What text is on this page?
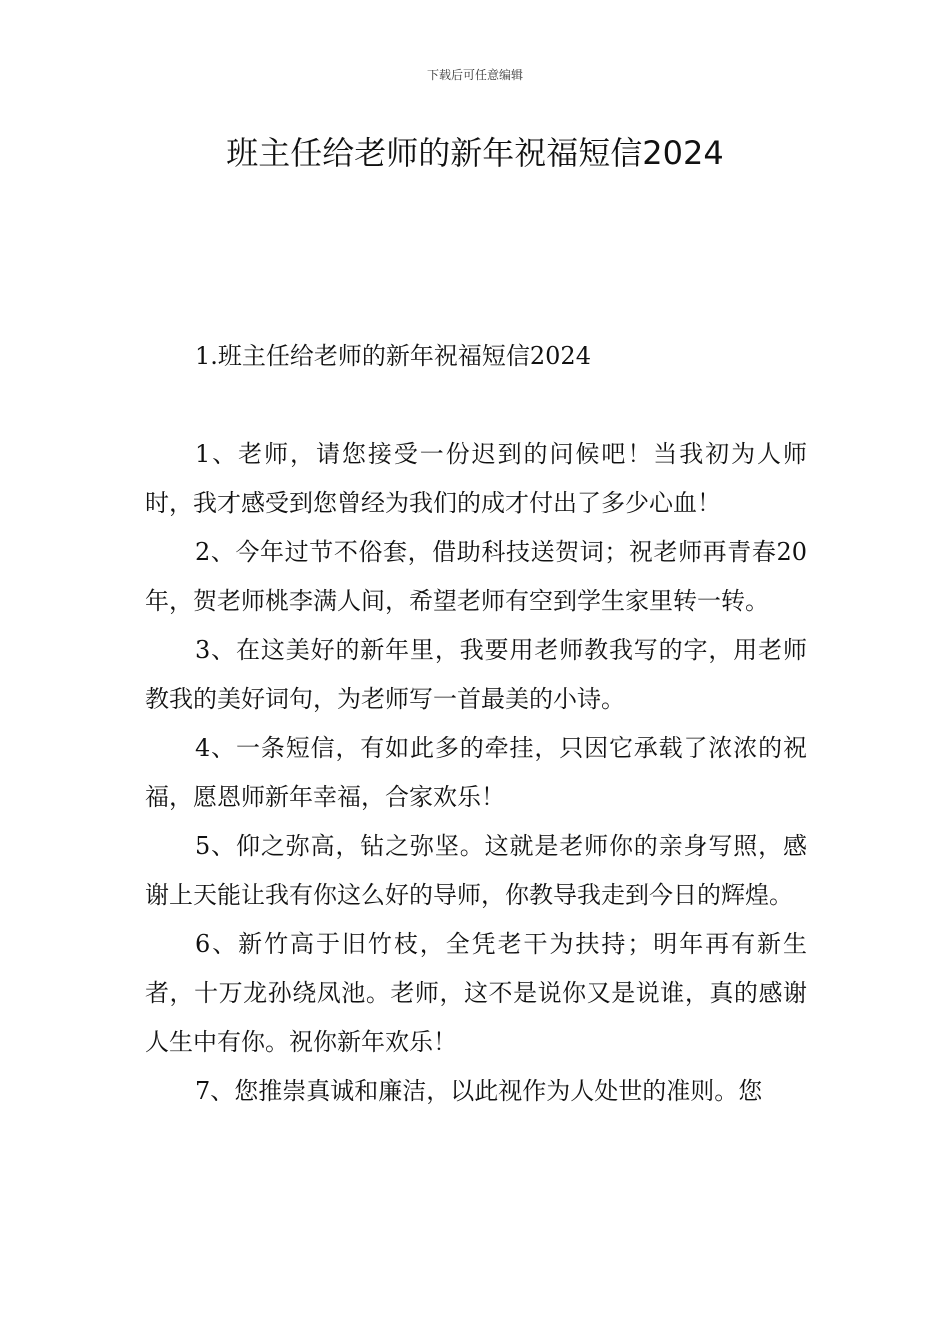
下载后可任意编辑
班主任给老师的新年祝福短信2024

1.班主任给老师的新年祝福短信2024

1、老师，请您接受一份迟到的问候吧！当我初为人师时，我才感受到您曾经为我们的成才付出了多少心血！

2、今年过节不俗套，借助科技送贺词；祝老师再青春20年，贺老师桃李满人间，希望老师有空到学生家里转一转。

3、在这美好的新年里，我要用老师教我写的字，用老师教我的美好词句，为老师写一首最美的小诗。

4、一条短信，有如此多的牵挂，只因它承载了浓浓的祝福，愿恩师新年幸福，合家欢乐！

5、仰之弥高，钻之弥坚。这就是老师你的亲身写照，感谢上天能让我有你这么好的导师，你教导我走到今日的辉煌。

6、新竹高于旧竹枝，全凭老干为扶持；明年再有新生者，十万龙孙绕凤池。老师，这不是说你又是说谁，真的感谢人生中有你。祝你新年欢乐！

7、您推崇真诚和廉洁，以此视作为人处世的准则。您
